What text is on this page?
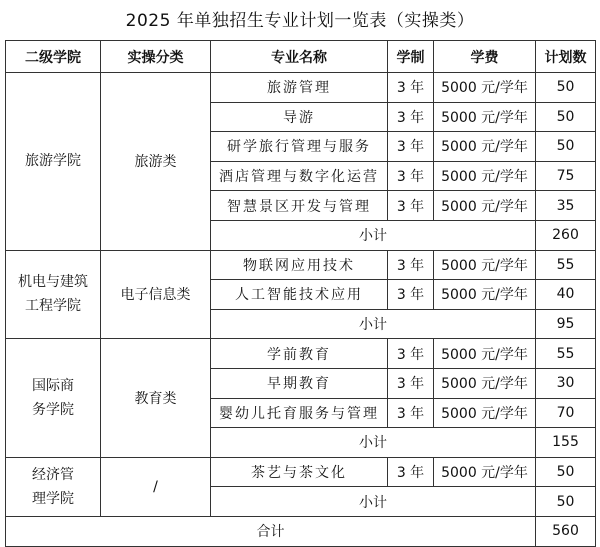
2025 年单独招生专业计划一览表（实操类）
二级学院	实操分类	专业名称	学制	学费	计划数
旅游学院	旅游类	旅游管理	3 年	5000 元/学年	50
		导游	3 年	5000 元/学年	50
		研学旅行管理与服务	3 年	5000 元/学年	50
		酒店管理与数字化运营	3 年	5000 元/学年	75
		智慧景区开发与管理	3 年	5000 元/学年	35
		小计			260
机电与建筑
工程学院	电子信息类	物联网应用技术	3 年	5000 元/学年	55
		人工智能技术应用	3 年	5000 元/学年	40
		小计			95
国际商
务学院	教育类	学前教育	3 年	5000 元/学年	55
		早期教育	3 年	5000 元/学年	30
		婴幼儿托育服务与管理	3 年	5000 元/学年	70
		小计			155
经济管
理学院	/	茶艺与茶文化	3 年	5000 元/学年	50
		小计			50
合计					560
